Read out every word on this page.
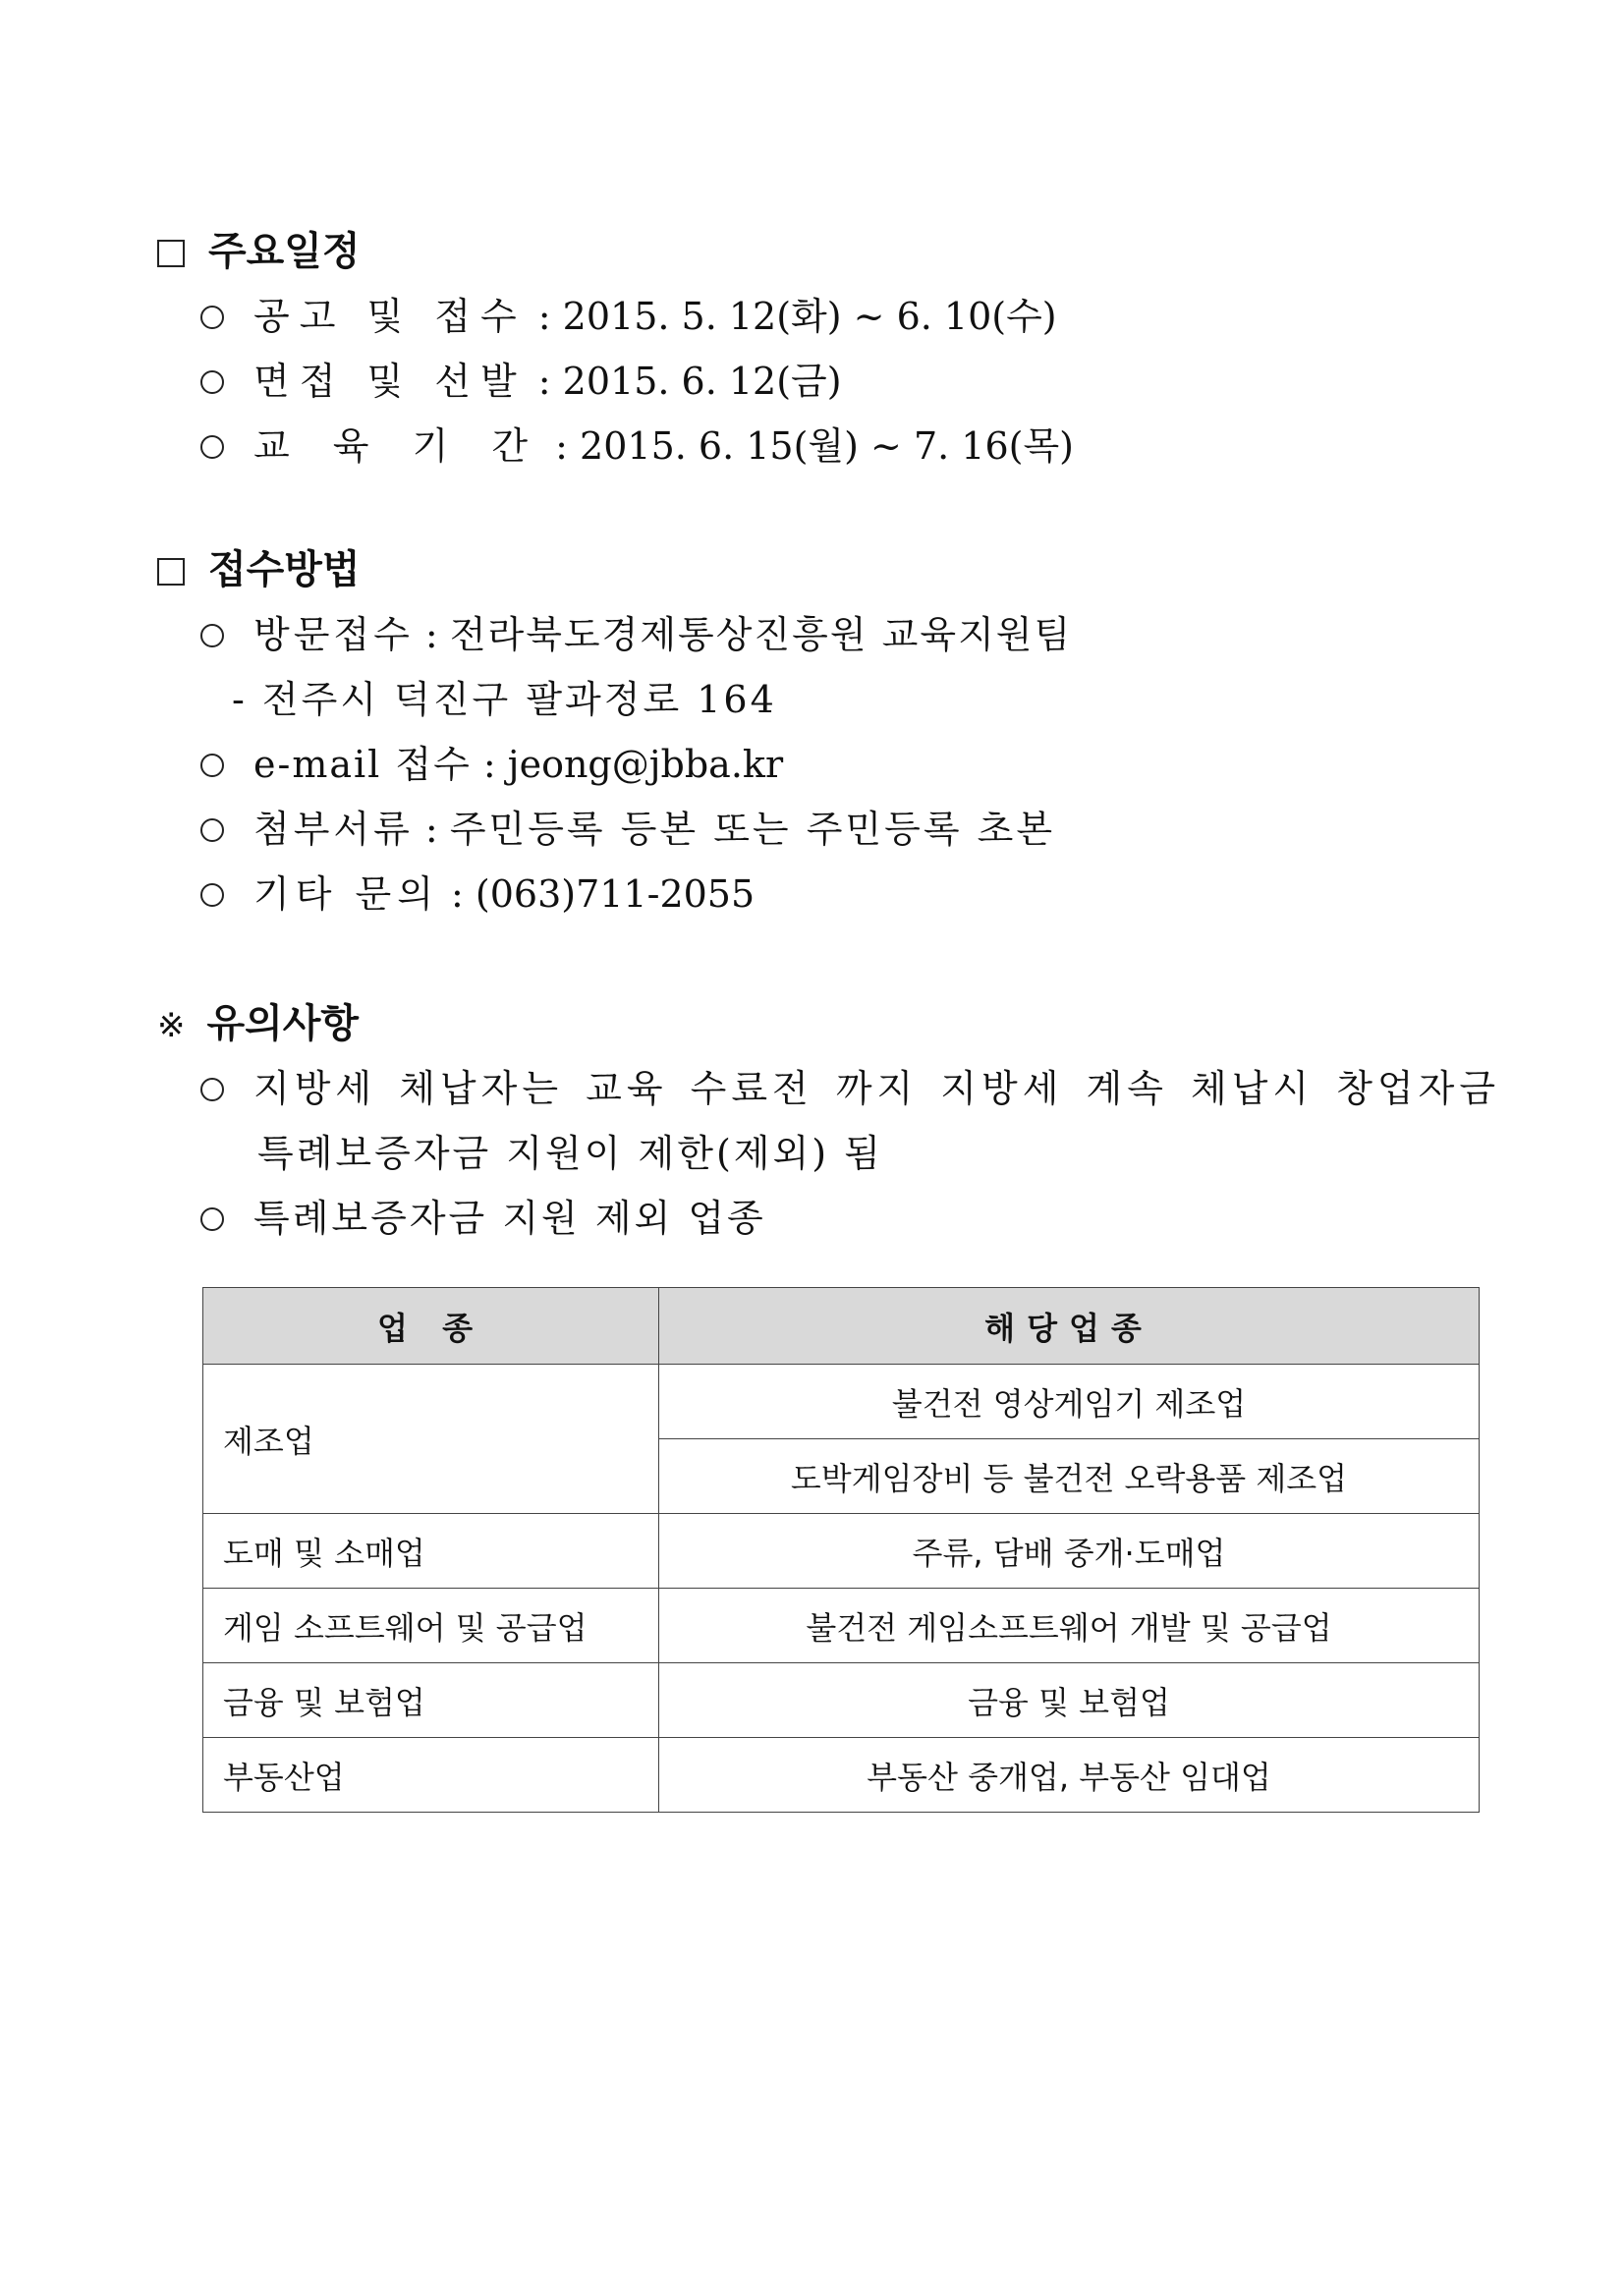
주요일정
공고 및 접수 : 2015. 5. 12(화) ~ 6. 10(수)
면접 및 선발 : 2015. 6. 12(금)
교 육 기 간 : 2015. 6. 15(월) ~ 7. 16(목)
접수방법
방문접수 : 전라북도경제통상진흥원 교육지원팀
- 전주시 덕진구 팔과정로 164
e-mail 접수 : jeong@jbba.kr
첨부서류 : 주민등록 등본 또는 주민등록 초본
기타 문의 : (063)711-2055
※ 유의사항
지방세 체납자는 교육 수료전 까지 지방세 계속 체납시 창업자금
특례보증자금 지원이 제한(제외) 됨
특례보증자금 지원 제외 업종
업 종	해당업종
제조업	불건전 영상게임기 제조업
	도박게임장비 등 불건전 오락용품 제조업
도매 및 소매업	주류, 담배 중개·도매업
게임 소프트웨어 및 공급업	불건전 게임소프트웨어 개발 및 공급업
금융 및 보험업	금융 및 보험업
부동산업	부동산 중개업, 부동산 임대업
